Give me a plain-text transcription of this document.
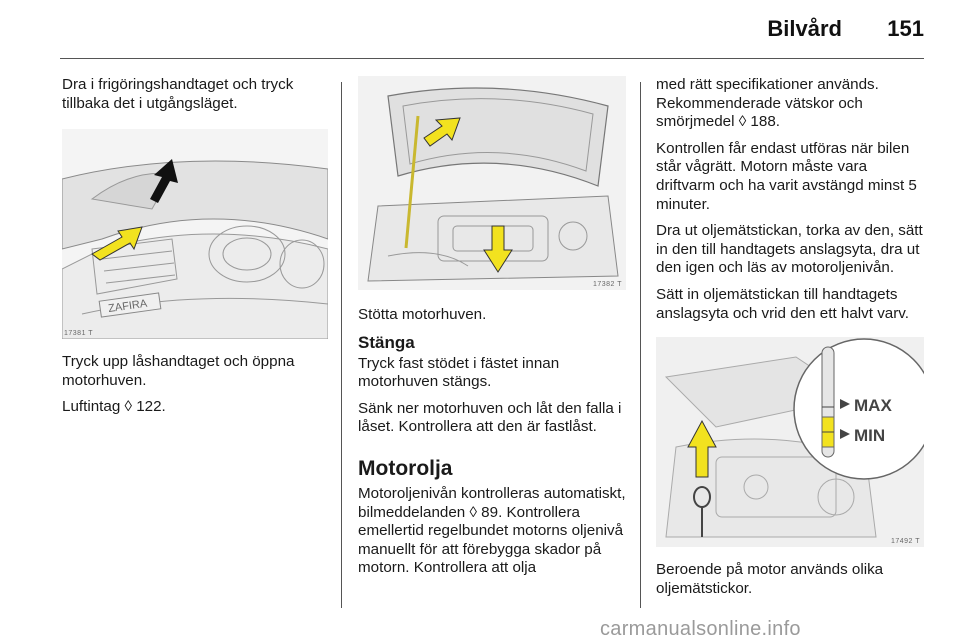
Bilvård 151

Dra i frigöringshandtaget och tryck tillbaka det i utgångsläget.

ZAFIRA
17381 T

Tryck upp låshandtaget och öppna motorhuven.

Luftintag ◊ 122.

17382 T

Stötta motorhuven.

Stänga

Tryck fast stödet i fästet innan motorhuven stängs.

Sänk ner motorhuven och låt den falla i låset. Kontrollera att den är fastlåst.

Motorolja

Motoroljenivån kontrolleras automatiskt, bilmeddelanden ◊ 89. Kontrollera emellertid regelbundet motorns oljenivå manuellt för att förebygga skador på motorn. Kontrollera att olja

med rätt specifikationer används. Rekommenderade vätskor och smörjmedel ◊ 188.

Kontrollen får endast utföras när bilen står vågrätt. Motorn måste vara driftvarm och ha varit avstängd minst 5 minuter.

Dra ut oljemätstickan, torka av den, sätt in den till handtagets anslagsyta, dra ut den igen och läs av motoroljenivån.

Sätt in oljemätstickan till handtagets anslagsyta och vrid den ett halvt varv.

MAX
MIN
17492 T

Beroende på motor används olika oljemätstickor.

carmanualsonline.info
